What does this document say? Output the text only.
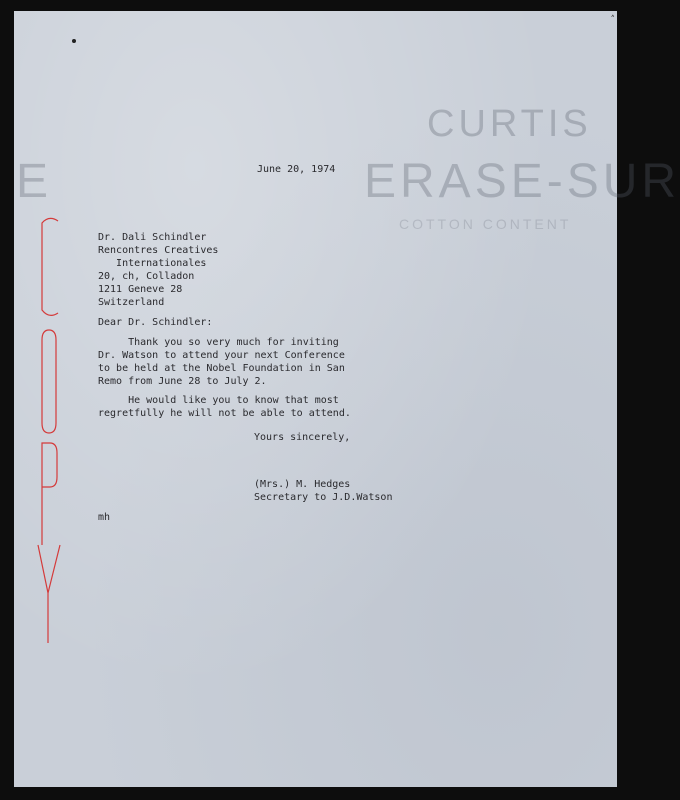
˄
E
CURTIS
ERASE-SUR
COTTON CONTENT
June 20, 1974
Dr. Dali Schindler
Rencontres Creatives
Internationales
20, ch, Colladon
1211 Geneve 28
Switzerland
Dear Dr. Schindler:
Thank you so very much for inviting
Dr. Watson to attend your next Conference
to be held at the Nobel Foundation in San
Remo from June 28 to July 2.
He would like you to know that most
regretfully he will not be able to attend.
Yours sincerely,
(Mrs.) M. Hedges
Secretary to J.D.Watson
mh
